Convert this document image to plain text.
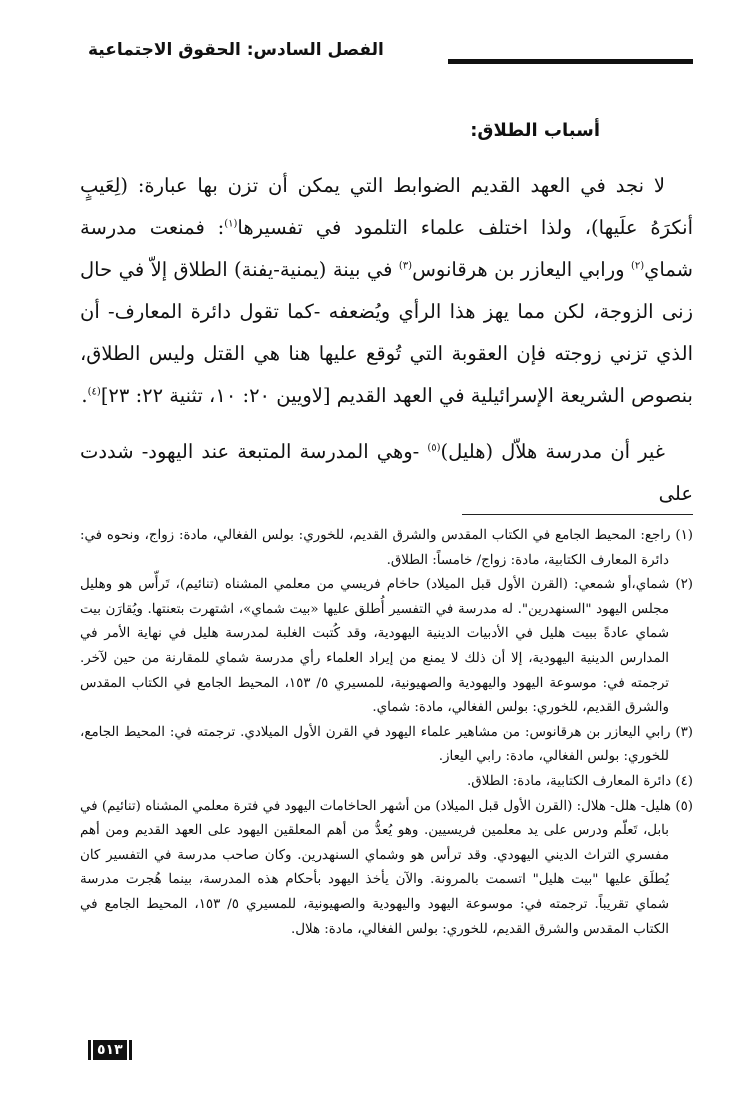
الفصل السادس: الحقوق الاجتماعية
أسباب الطلاق:

لا نجد في العهد القديم الضوابط التي يمكن أن تزن بها عبارة: (لِعَيبٍ أنكرَهُ علَيها)، ولذا اختلف علماء التلمود في تفسيرها$^{(١)}$: فمنعت مدرسة شماي$^{(٢)}$ ورابي اليعازر بن هرقانوس$^{(٣)}$ في بينة (يمنية-يفنة) الطلاق إلاّ في حال زنى الزوجة، لكن مما يهز هذا الرأي ويُضعفه -كما تقول دائرة المعارف- أن الذي تزني زوجته فإن العقوبة التي تُوقع عليها هنا هي القتل وليس الطلاق، بنصوص الشريعة الإسرائيلية في العهد القديم [لاويين ٢٠: ١٠، تثنية ٢٢: ٢٣]$^{(٤)}$.

غير أن مدرسة هلاّل (هليل)$^{(٥)}$ -وهي المدرسة المتبعة عند اليهود- شددت على

(١) راجع: المحيط الجامع في الكتاب المقدس والشرق القديم، للخوري: بولس الفغالي، مادة: زواج، ونحوه في: دائرة المعارف الكتابية، مادة: زواج/ خامساً: الطلاق.

(٢) شماي،أو شمعي: (القرن الأول قبل الميلاد) حاخام فريسي من معلمي المشناه (تنائيم)، تَرأّس هو وهليل مجلس اليهود "السنهدرين". له مدرسة في التفسير أُطلق عليها «بيت شماي»، اشتهرت بتعنتها. ويُقارَن بيت شماي عادةً ببيت هليل في الأدبيات الدينية اليهودية، وقد كُتبت الغلبة لمدرسة هليل في نهاية الأمر في المدارس الدينية اليهودية، إلا أن ذلك لا يمنع من إيراد العلماء رأي مدرسة شماي للمقارنة من حين لآخر. ترجمته في: موسوعة اليهود واليهودية والصهيونية، للمسيري ٥/ ١٥٣، المحيط الجامع في الكتاب المقدس والشرق القديم، للخوري: بولس الفغالي، مادة: شماي.

(٣) رابي اليعازر بن هرقانوس: من مشاهير علماء اليهود في القرن الأول الميلادي. ترجمته في: المحيط الجامع، للخوري: بولس الفغالي، مادة: رابي اليعاز.

(٤) دائرة المعارف الكتابية، مادة: الطلاق.

(٥) هليل- هلل- هلال: (القرن الأول قبل الميلاد) من أشهر الحاخامات اليهود في فترة معلمي المشناه (تنائيم) في بابل، تَعلّم ودرس على يد معلمين فريسيين. وهو يُعدُّ من أهم المعلقين اليهود على العهد القديم ومن أهم مفسري التراث الديني اليهودي. وقد ترأس هو وشماي السنهدرين. وكان صاحب مدرسة في التفسير كان يُطلَق عليها "بيت هليل" اتسمت بالمرونة. والآن يأخذ اليهود بأحكام هذه المدرسة، بينما هُجرت مدرسة شماي تقريباً. ترجمته في: موسوعة اليهود واليهودية والصهيونية، للمسيري ٥/ ١٥٣، المحيط الجامع في الكتاب المقدس والشرق القديم، للخوري: بولس الفغالي، مادة: هلال.

٥١٣
